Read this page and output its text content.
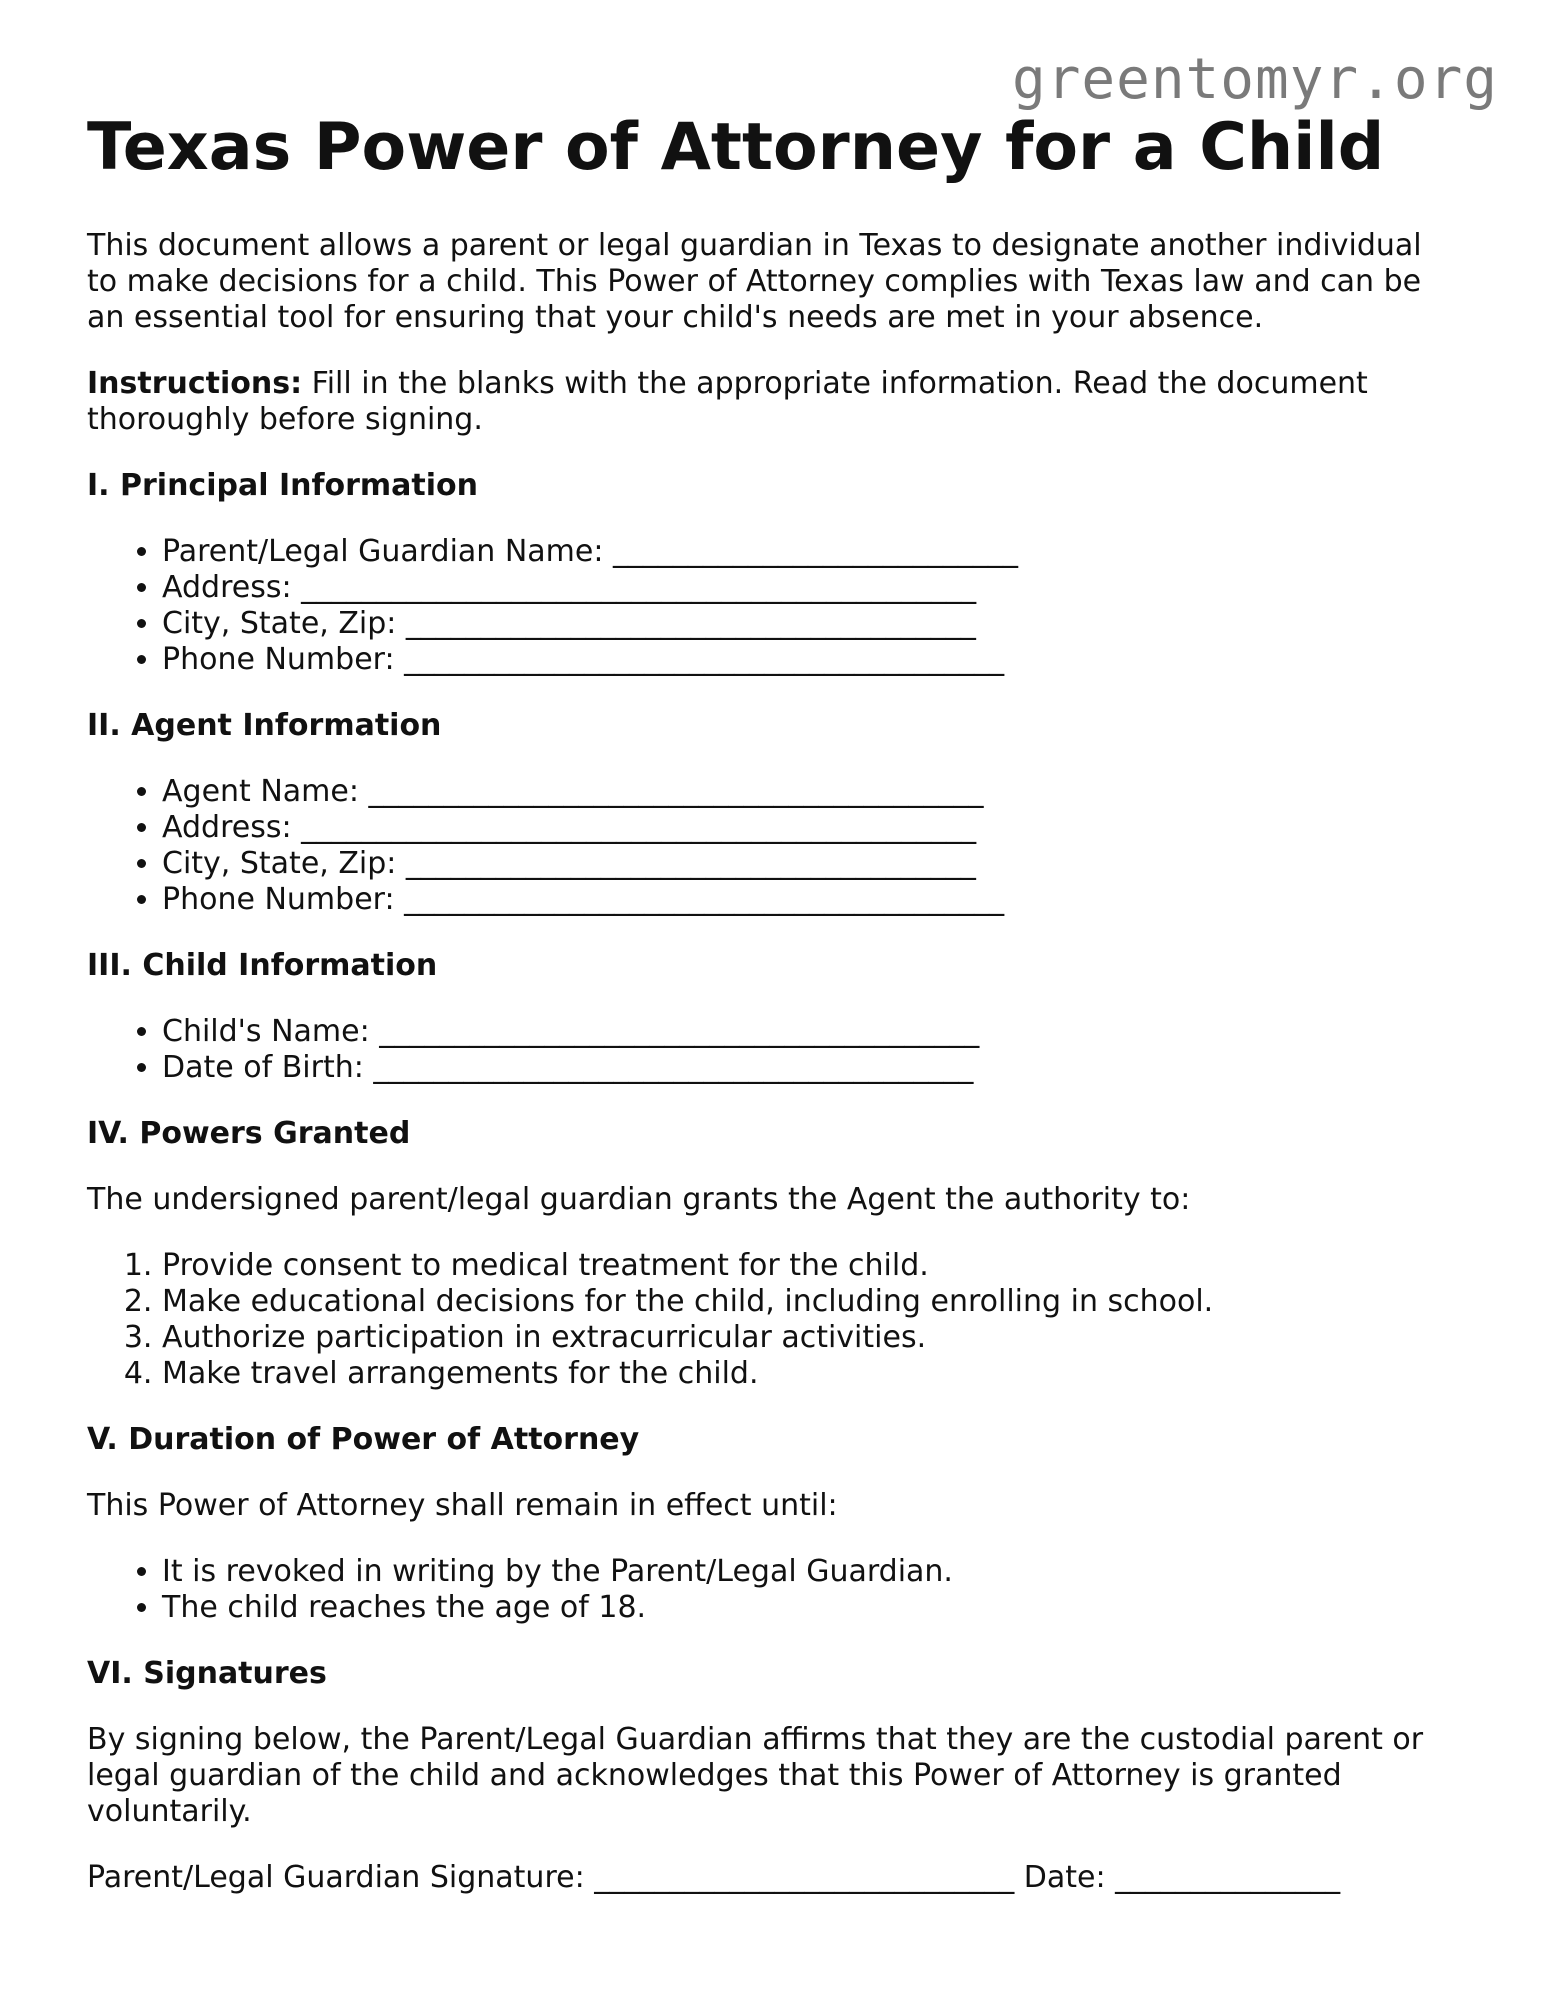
greentomyr.org
Texas Power of Attorney for a Child

This document allows a parent or legal guardian in Texas to designate another individual to make decisions for a child. This Power of Attorney complies with Texas law and can be an essential tool for ensuring that your child's needs are met in your absence.

Instructions: Fill in the blanks with the appropriate information. Read the document thoroughly before signing.

I. Principal Information
• Parent/Legal Guardian Name: ___________________________
• Address: _____________________________________________
• City, State, Zip: ______________________________________
• Phone Number: ________________________________________
II. Agent Information
• Agent Name: _________________________________________
• Address: _____________________________________________
• City, State, Zip: ______________________________________
• Phone Number: ________________________________________
III. Child Information
• Child's Name: ________________________________________
• Date of Birth: ________________________________________
IV. Powers Granted

The undersigned parent/legal guardian grants the Agent the authority to:

1. Provide consent to medical treatment for the child.
2. Make educational decisions for the child, including enrolling in school.
3. Authorize participation in extracurricular activities.
4. Make travel arrangements for the child.
V. Duration of Power of Attorney

This Power of Attorney shall remain in effect until:

• It is revoked in writing by the Parent/Legal Guardian.
• The child reaches the age of 18.
VI. Signatures

By signing below, the Parent/Legal Guardian affirms that they are the custodial parent or legal guardian of the child and acknowledges that this Power of Attorney is granted voluntarily.

Parent/Legal Guardian Signature: ____________________________ Date: _______________
